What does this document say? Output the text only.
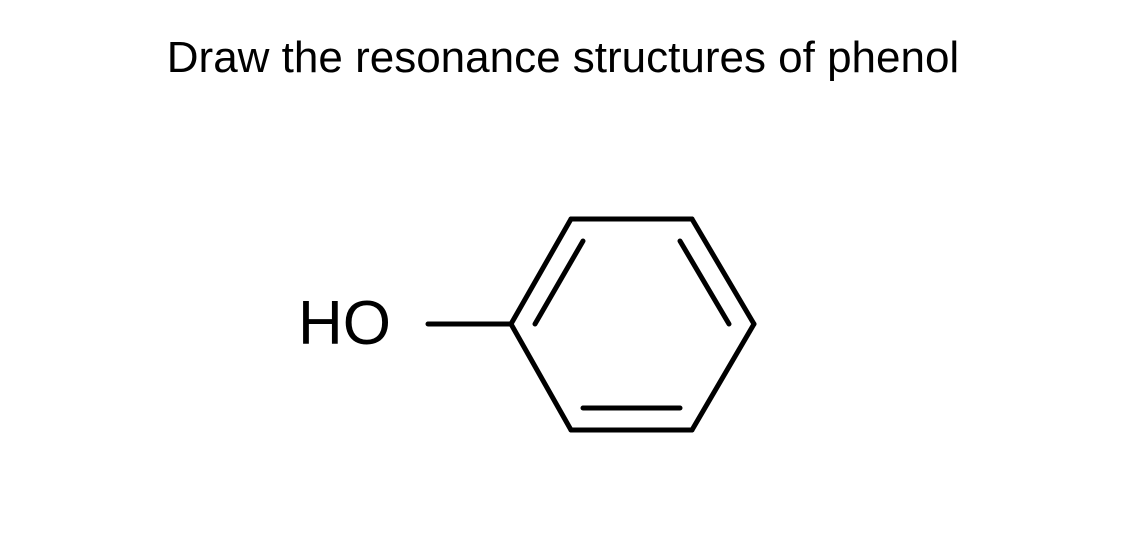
Draw the resonance structures of phenol
HO
